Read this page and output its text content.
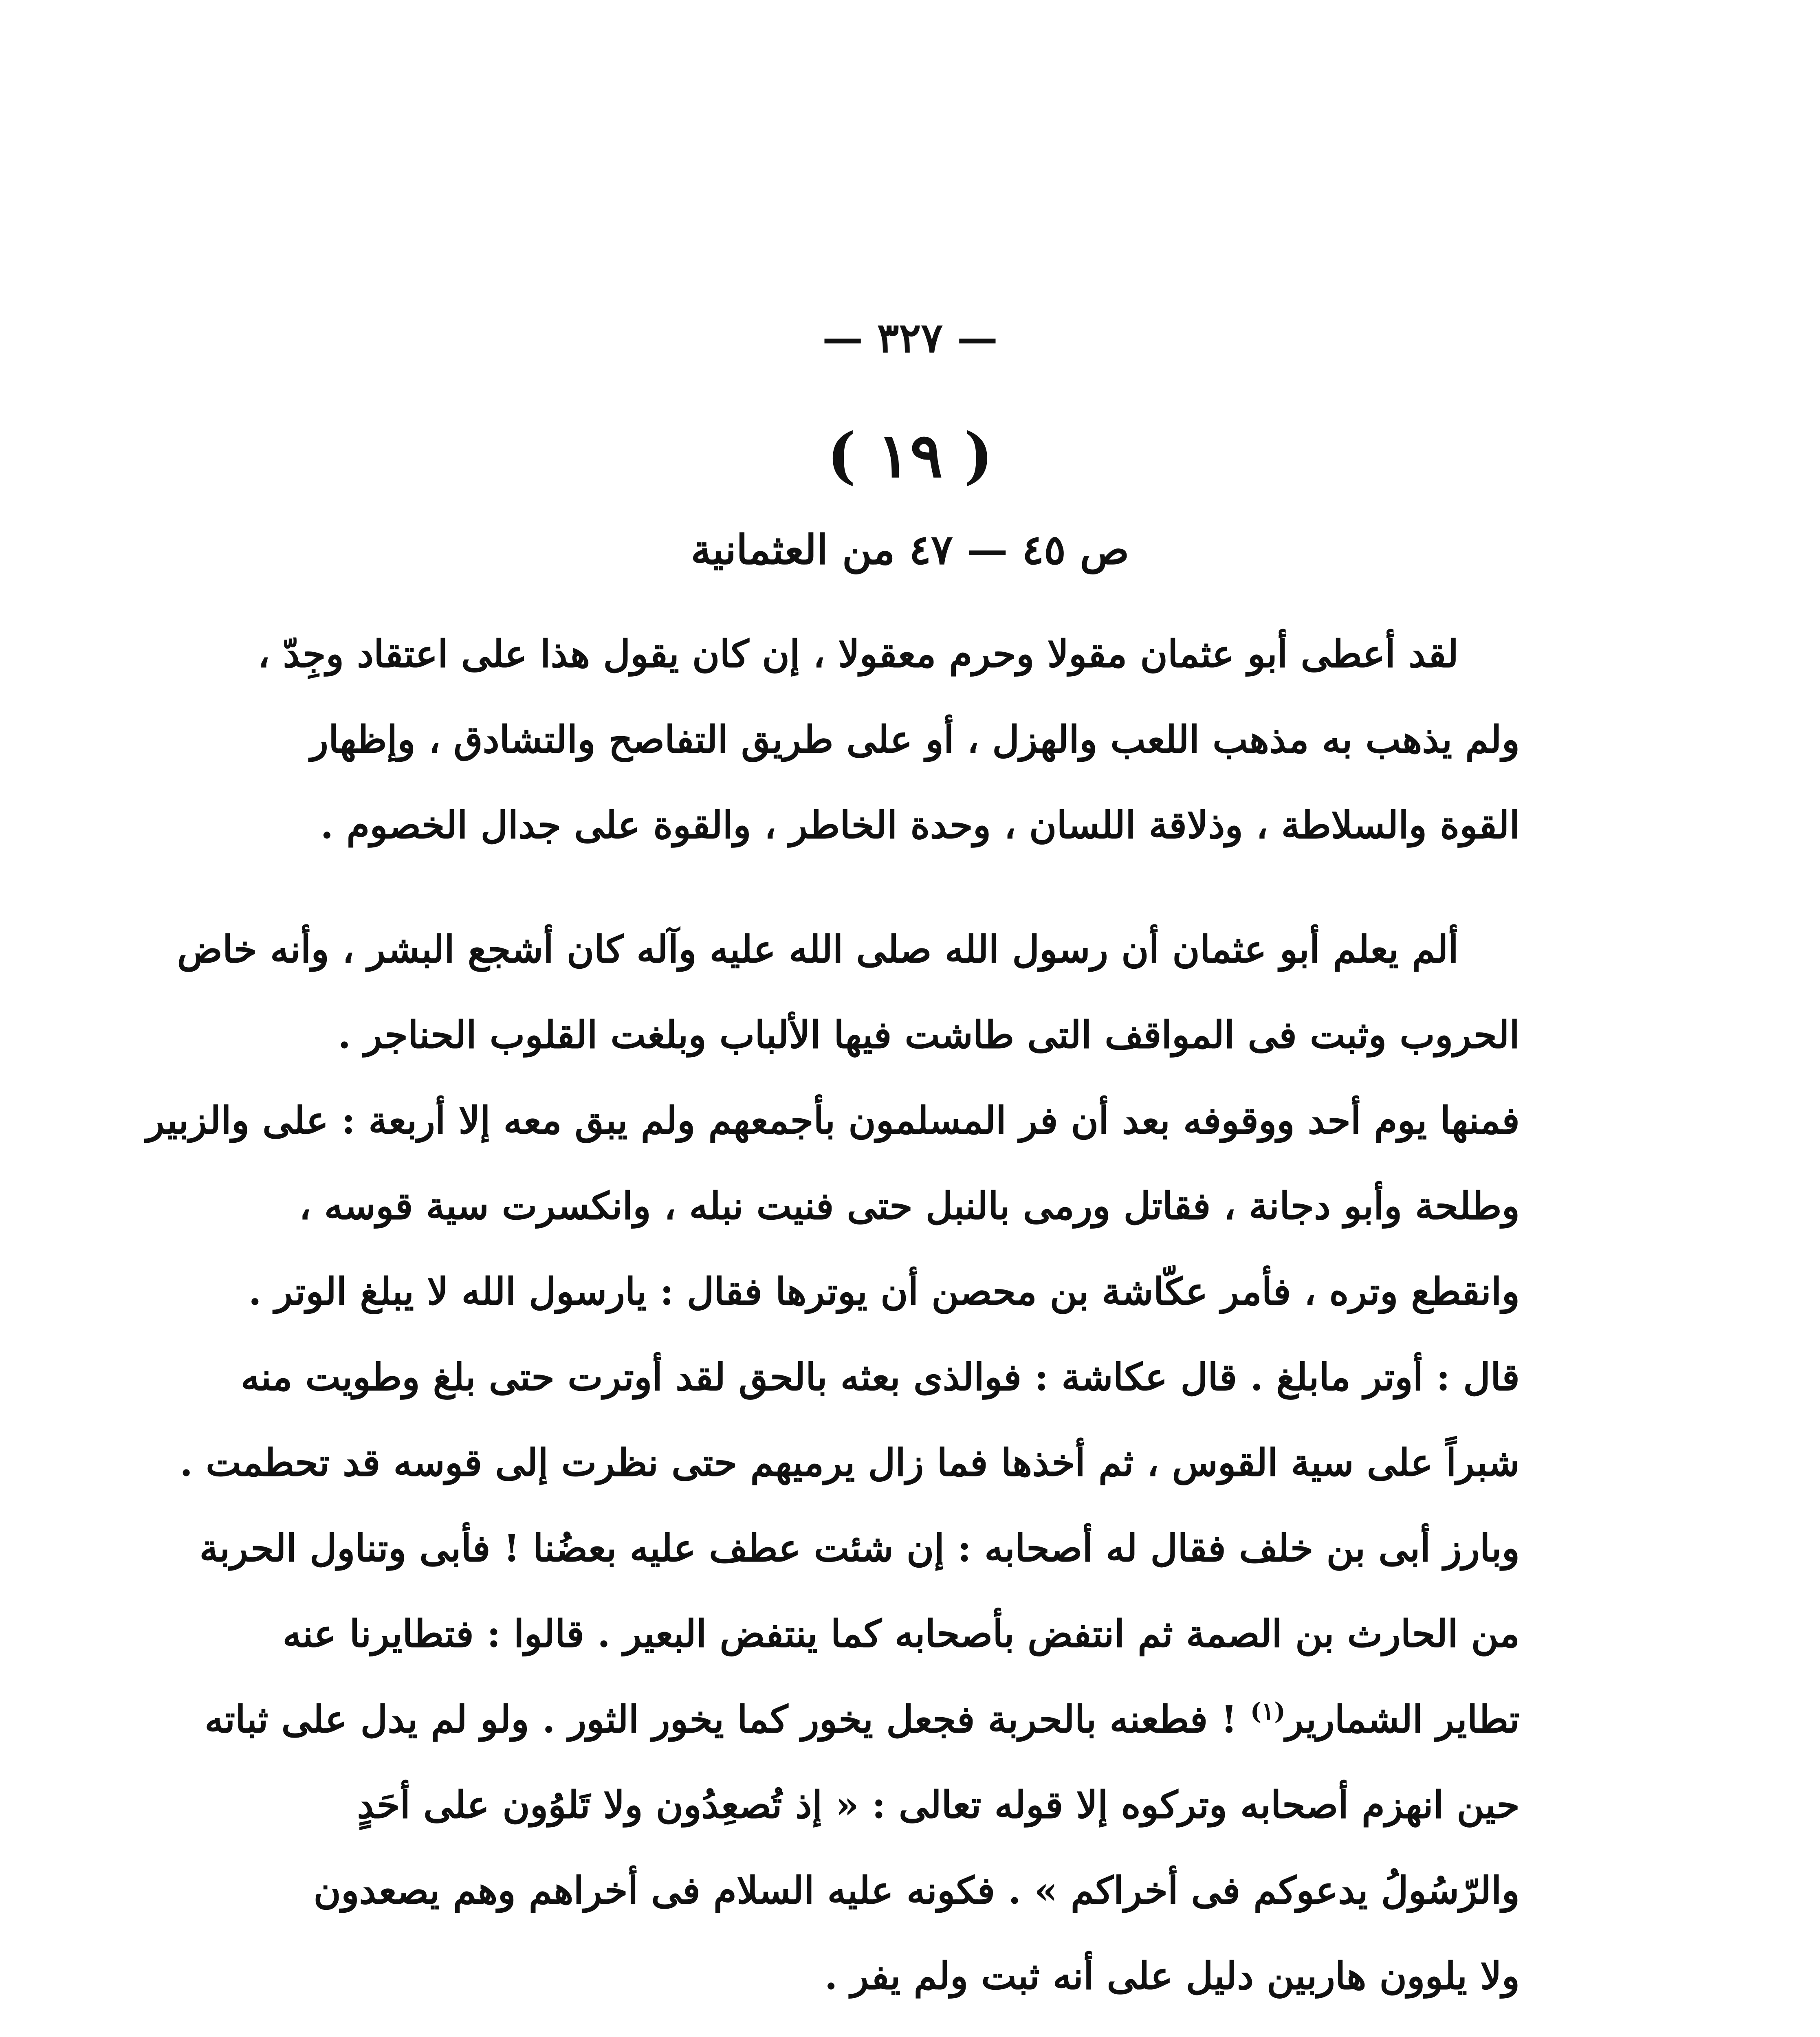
— ٣٢٧ —
( ١٩ )
ص ٤٥ — ٤٧ من العثمانية
لقد أعطى أبو عثمان مقولا وحرم معقولا ، إن كان يقول هذا على اعتقاد وجِدّ ،
ولم يذهب به مذهب اللعب والهزل ، أو على طريق التفاصح والتشادق ، وإظهار
القوة والسلاطة ، وذلاقة اللسان ، وحدة الخاطر ، والقوة على جدال الخصوم .
ألم يعلم أبو عثمان أن رسول الله صلى الله عليه وآله كان أشجع البشر ، وأنه خاض
الحروب وثبت فى المواقف التى طاشت فيها الألباب وبلغت القلوب الحناجر .
فمنها يوم أحد ووقوفه بعد أن فر المسلمون بأجمعهم ولم يبق معه إلا أربعة : على والزبير
وطلحة وأبو دجانة ، فقاتل ورمى بالنبل حتى فنيت نبله ، وانكسرت سية قوسه ،
وانقطع وتره ، فأمر عكّاشة بن محصن أن يوترها فقال : يارسول الله لا يبلغ الوتر .
قال : أوتر مابلغ . قال عكاشة : فوالذى بعثه بالحق لقد أوترت حتى بلغ وطويت منه
شبراً على سية القوس ، ثم أخذها فما زال يرميهم حتى نظرت إلى قوسه قد تحطمت .
وبارز أبى بن خلف فقال له أصحابه : إن شئت عطف عليه بعضُنا ! فأبى وتناول الحربة
من الحارث بن الصمة ثم انتفض بأصحابه كما ينتفض البعير . قالوا : فتطايرنا عنه
تطاير الشمارير$^{(١)}$ ! فطعنه بالحربة فجعل يخور كما يخور الثور . ولو لم يدل على ثباته
حين انهزم أصحابه وتركوه إلا قوله تعالى : « إذ تُصعِدُون ولا تَلوُون على أحَدٍ
والرّسُولُ يدعوكم فى أخراكم » . فكونه عليه السلام فى أخراهم وهم يصعدون
ولا يلوون هاربين دليل على أنه ثبت ولم يفر .
